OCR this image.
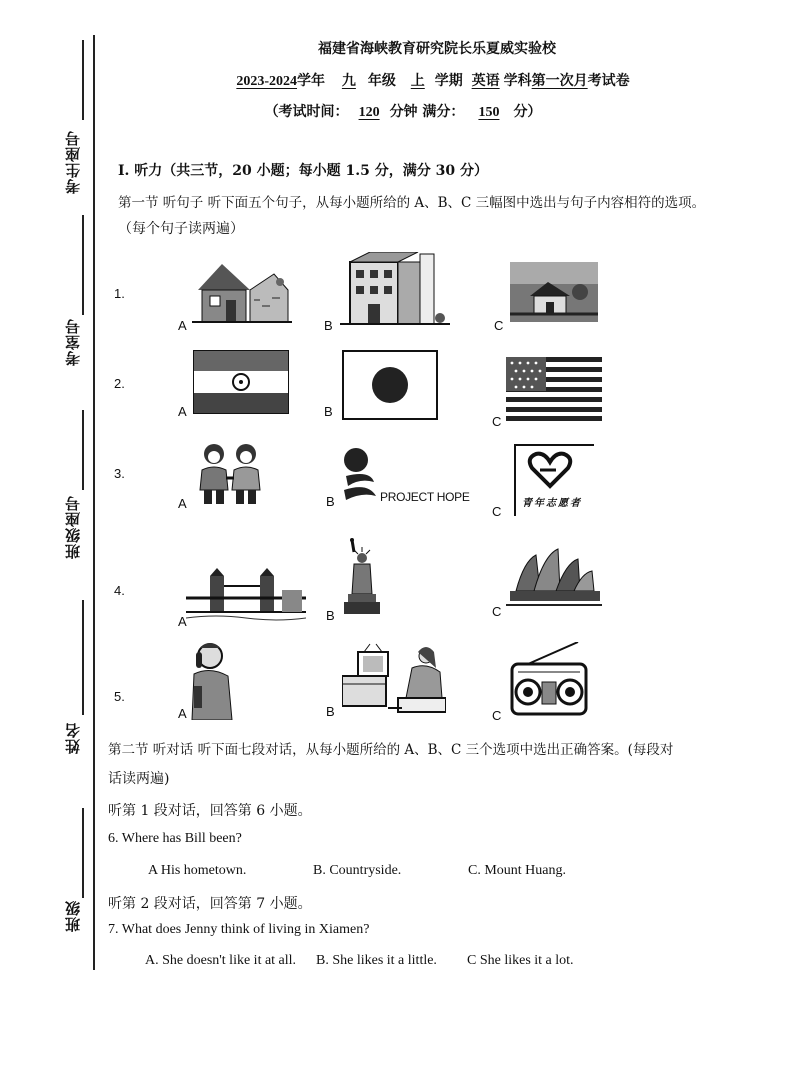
考生座号
考室号
班级座号
姓名
班级
福建省海峡教育研究院长乐夏威实验校
2023-2024学年 九 年级 上 学期 英语 学科第一次月考试卷
（考试时间： 120 分钟 满分： 150 分）
Ⅰ. 听力（共三节，20 小题；每小题 1.5 分，满分 30 分）
第一节 听句子 听下面五个句子，从每小题所给的 A、B、C 三幅图中选出与句子内容相符的选项。
（每个句子读两遍）
1.
2.
3.
4.
5.
A	B	C
A	B
C
A	B	PROJECT HOPE
C
青年志愿者
A	B	C
A	B	C
第二节 听对话 听下面七段对话，从每小题所给的 A、B、C 三个选项中选出正确答案。(每段对
话读两遍)
听第 1 段对话，回答第 6 小题。
6. Where has Bill been?
A His hometown.	B. Countryside.	C. Mount Huang.
听第 2 段对话，回答第 7 小题。
7. What does Jenny think of living in Xiamen?
A. She doesn't like it at all. B. She likes it a little. C She likes it a lot.
